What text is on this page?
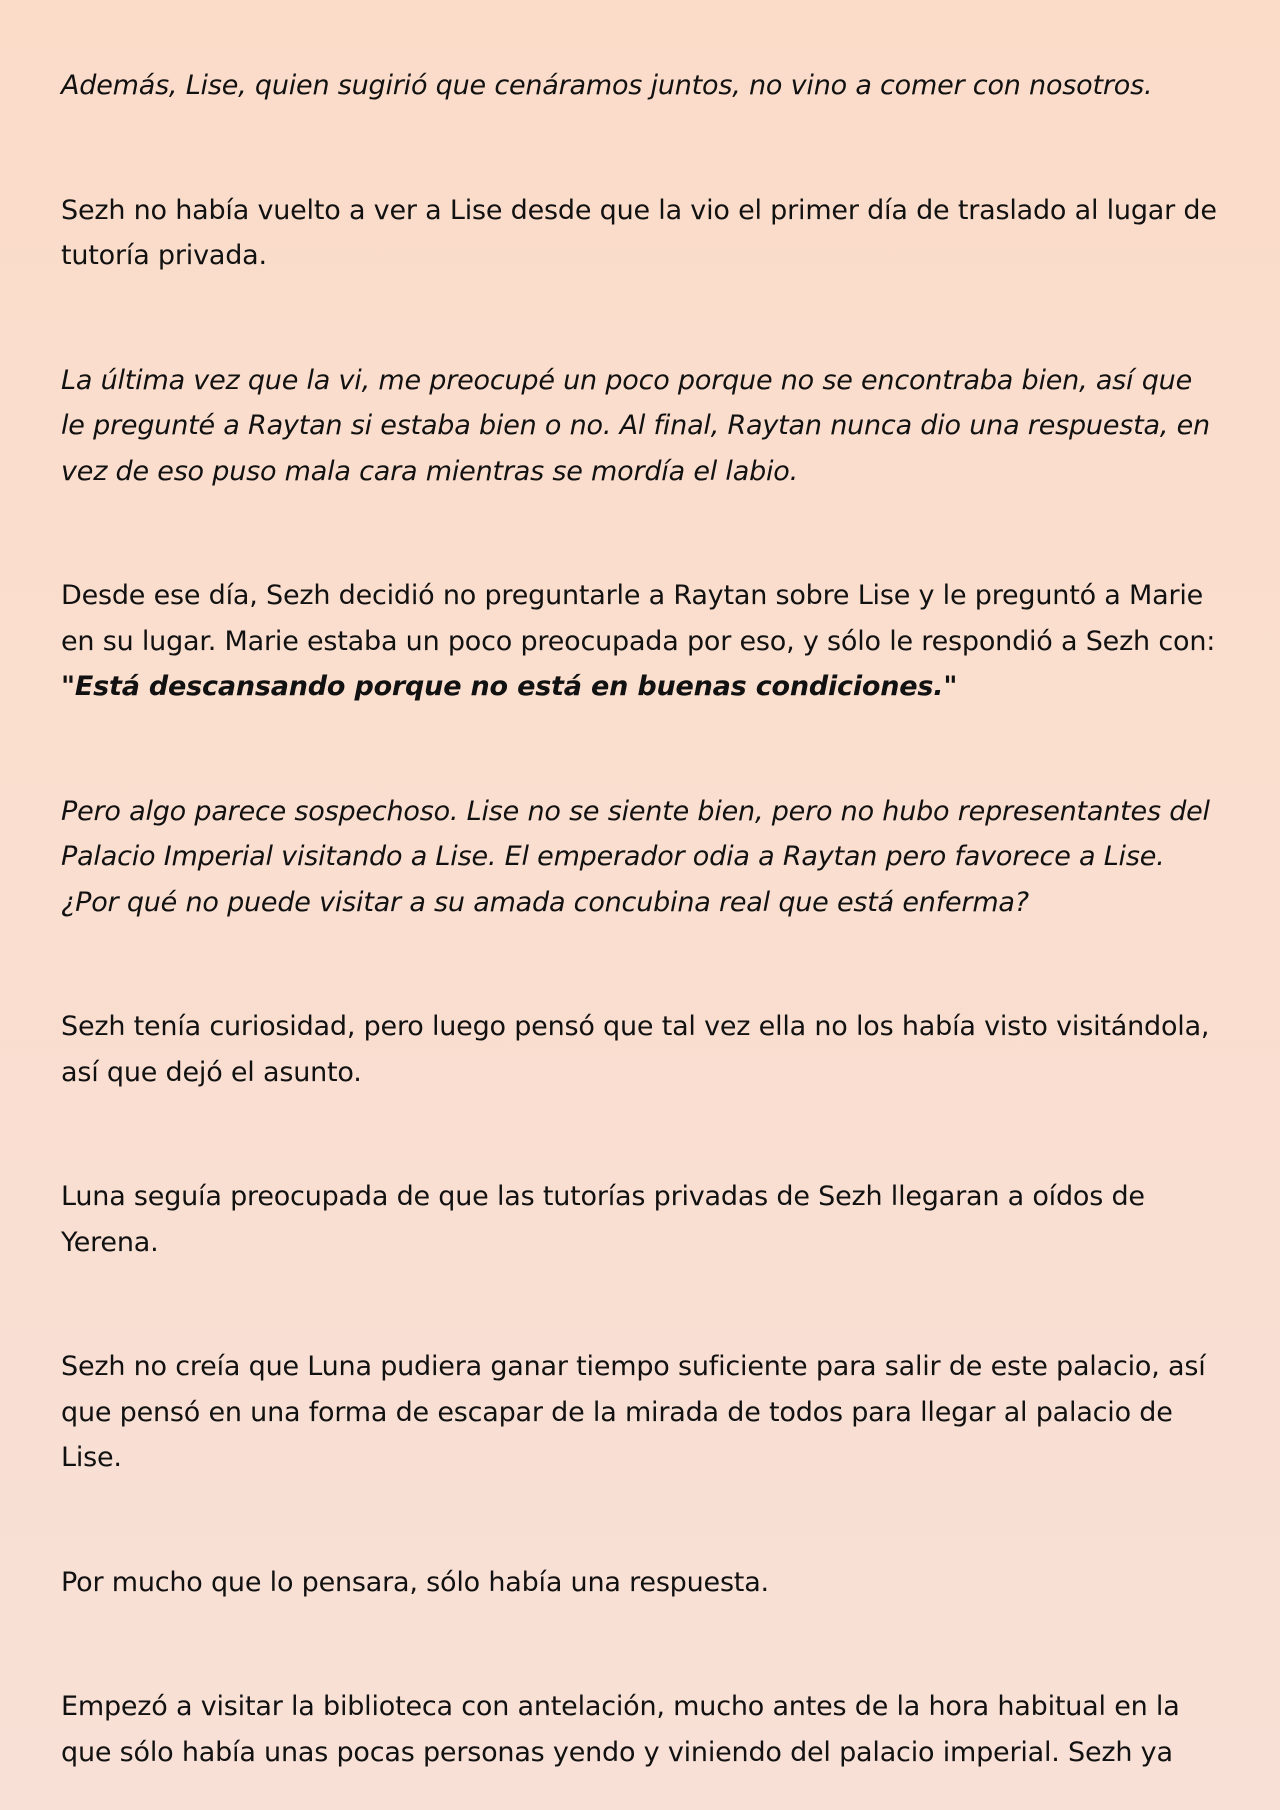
Además, Lise, quien sugirió que cenáramos juntos, no vino a comer con nosotros.

Sezh no había vuelto a ver a Lise desde que la vio el primer día de traslado al lugar de tutoría privada.

La última vez que la vi, me preocupé un poco porque no se encontraba bien, así que le pregunté a Raytan si estaba bien o no. Al final, Raytan nunca dio una respuesta, en vez de eso puso mala cara mientras se mordía el labio.

Desde ese día, Sezh decidió no preguntarle a Raytan sobre Lise y le preguntó a Marie en su lugar. Marie estaba un poco preocupada por eso, y sólo le respondió a Sezh con: "Está descansando porque no está en buenas condiciones."

Pero algo parece sospechoso. Lise no se siente bien, pero no hubo representantes del Palacio Imperial visitando a Lise. El emperador odia a Raytan pero favorece a Lise. ¿Por qué no puede visitar a su amada concubina real que está enferma?

Sezh tenía curiosidad, pero luego pensó que tal vez ella no los había visto visitándola, así que dejó el asunto.

Luna seguía preocupada de que las tutorías privadas de Sezh llegaran a oídos de Yerena.

Sezh no creía que Luna pudiera ganar tiempo suficiente para salir de este palacio, así que pensó en una forma de escapar de la mirada de todos para llegar al palacio de Lise.

Por mucho que lo pensara, sólo había una respuesta.

Empezó a visitar la biblioteca con antelación, mucho antes de la hora habitual en la que sólo había unas pocas personas yendo y viniendo del palacio imperial. Sezh ya
